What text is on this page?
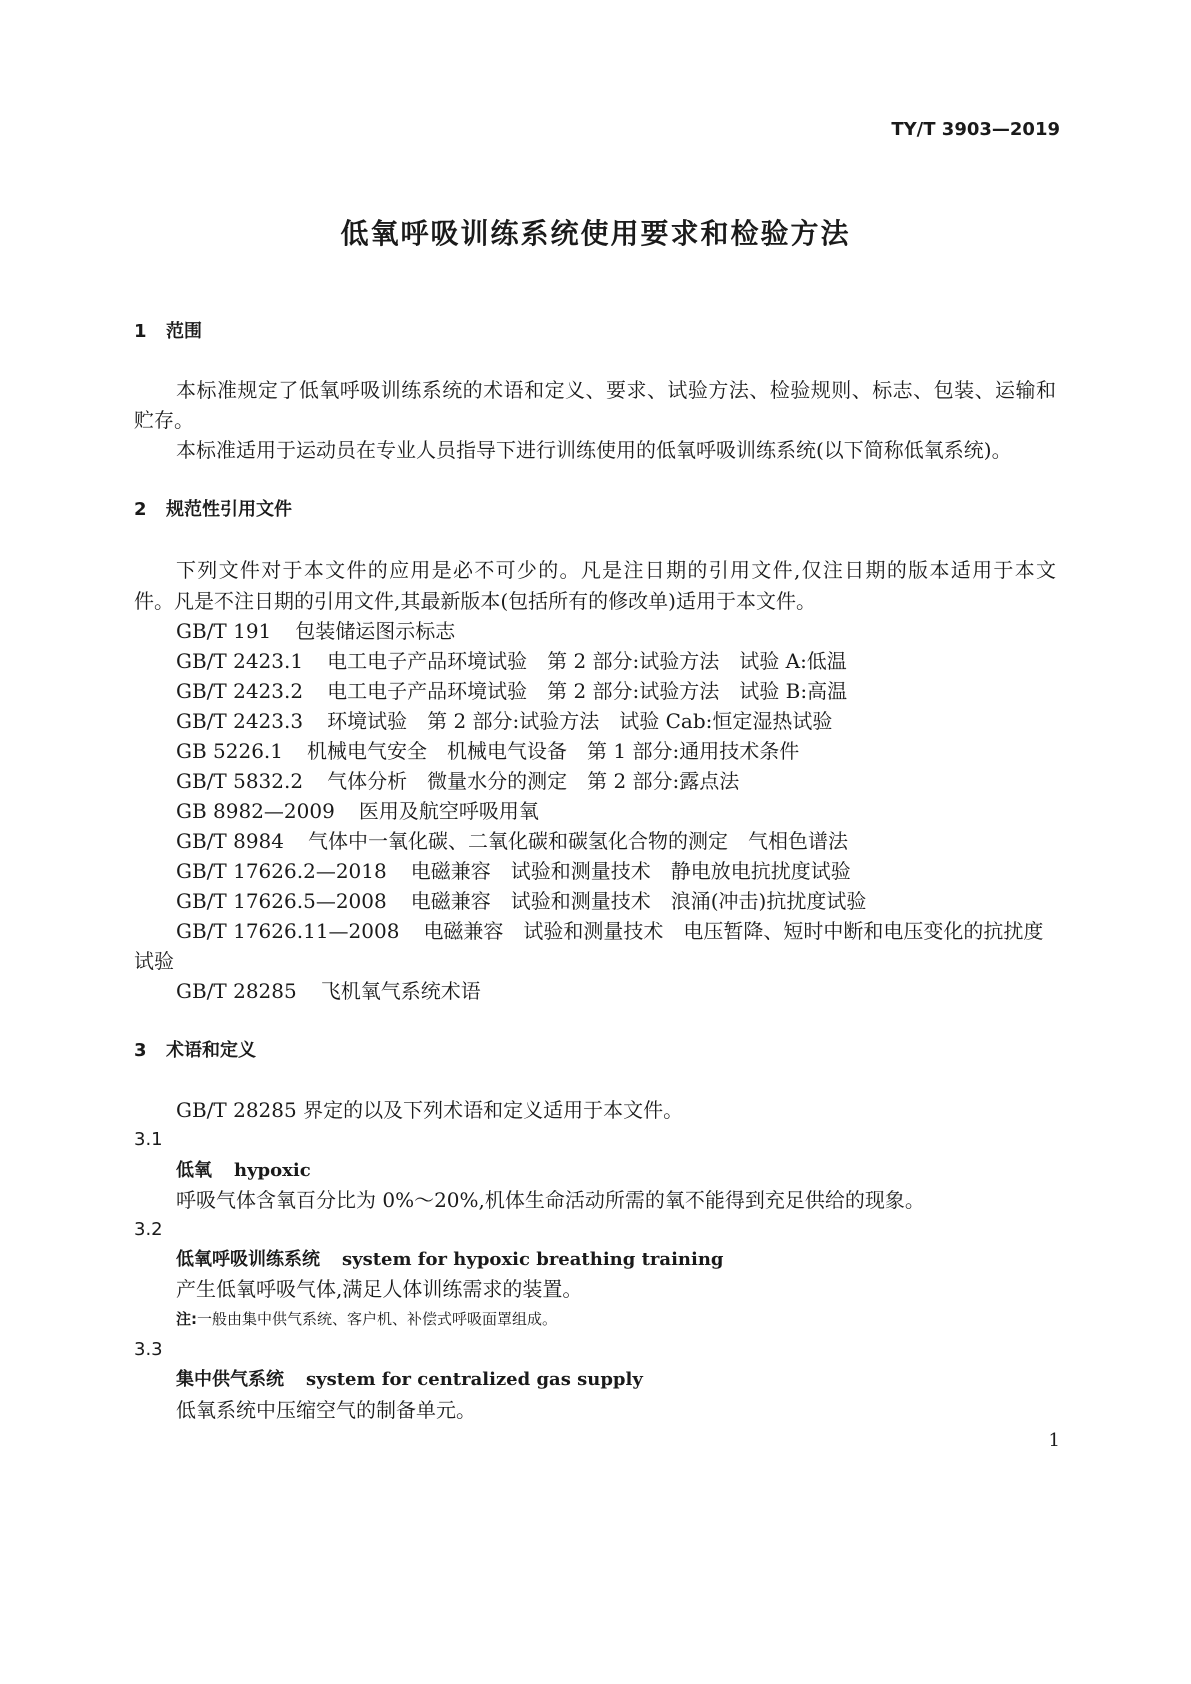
TY/T 3903—2019
低氧呼吸训练系统使用要求和检验方法
1 范围
本标准规定了低氧呼吸训练系统的术语和定义、要求、试验方法、检验规则、标志、包装、运输和
贮存。
本标准适用于运动员在专业人员指导下进行训练使用的低氧呼吸训练系统(以下简称低氧系统)。
2 规范性引用文件
下列文件对于本文件的应用是必不可少的。凡是注日期的引用文件,仅注日期的版本适用于本文
件。凡是不注日期的引用文件,其最新版本(包括所有的修改单)适用于本文件。
GB/T 191 包装储运图示标志
GB/T 2423.1 电工电子产品环境试验　第 2 部分:试验方法　试验 A:低温
GB/T 2423.2 电工电子产品环境试验　第 2 部分:试验方法　试验 B:高温
GB/T 2423.3 环境试验　第 2 部分:试验方法　试验 Cab:恒定湿热试验
GB 5226.1 机械电气安全　机械电气设备　第 1 部分:通用技术条件
GB/T 5832.2 气体分析　微量水分的测定　第 2 部分:露点法
GB 8982—2009 医用及航空呼吸用氧
GB/T 8984 气体中一氧化碳、二氧化碳和碳氢化合物的测定　气相色谱法
GB/T 17626.2—2018 电磁兼容　试验和测量技术　静电放电抗扰度试验
GB/T 17626.5—2008 电磁兼容　试验和测量技术　浪涌(冲击)抗扰度试验
GB/T 17626.11—2008 电磁兼容　试验和测量技术　电压暂降、短时中断和电压变化的抗扰度
试验
GB/T 28285 飞机氧气系统术语
3 术语和定义
GB/T 28285 界定的以及下列术语和定义适用于本文件。
3.1
低氧 hypoxic
呼吸气体含氧百分比为 0%～20%,机体生命活动所需的氧不能得到充足供给的现象。
3.2
低氧呼吸训练系统 system for hypoxic breathing training
产生低氧呼吸气体,满足人体训练需求的装置。
注:一般由集中供气系统、客户机、补偿式呼吸面罩组成。
3.3
集中供气系统 system for centralized gas supply
低氧系统中压缩空气的制备单元。
1
